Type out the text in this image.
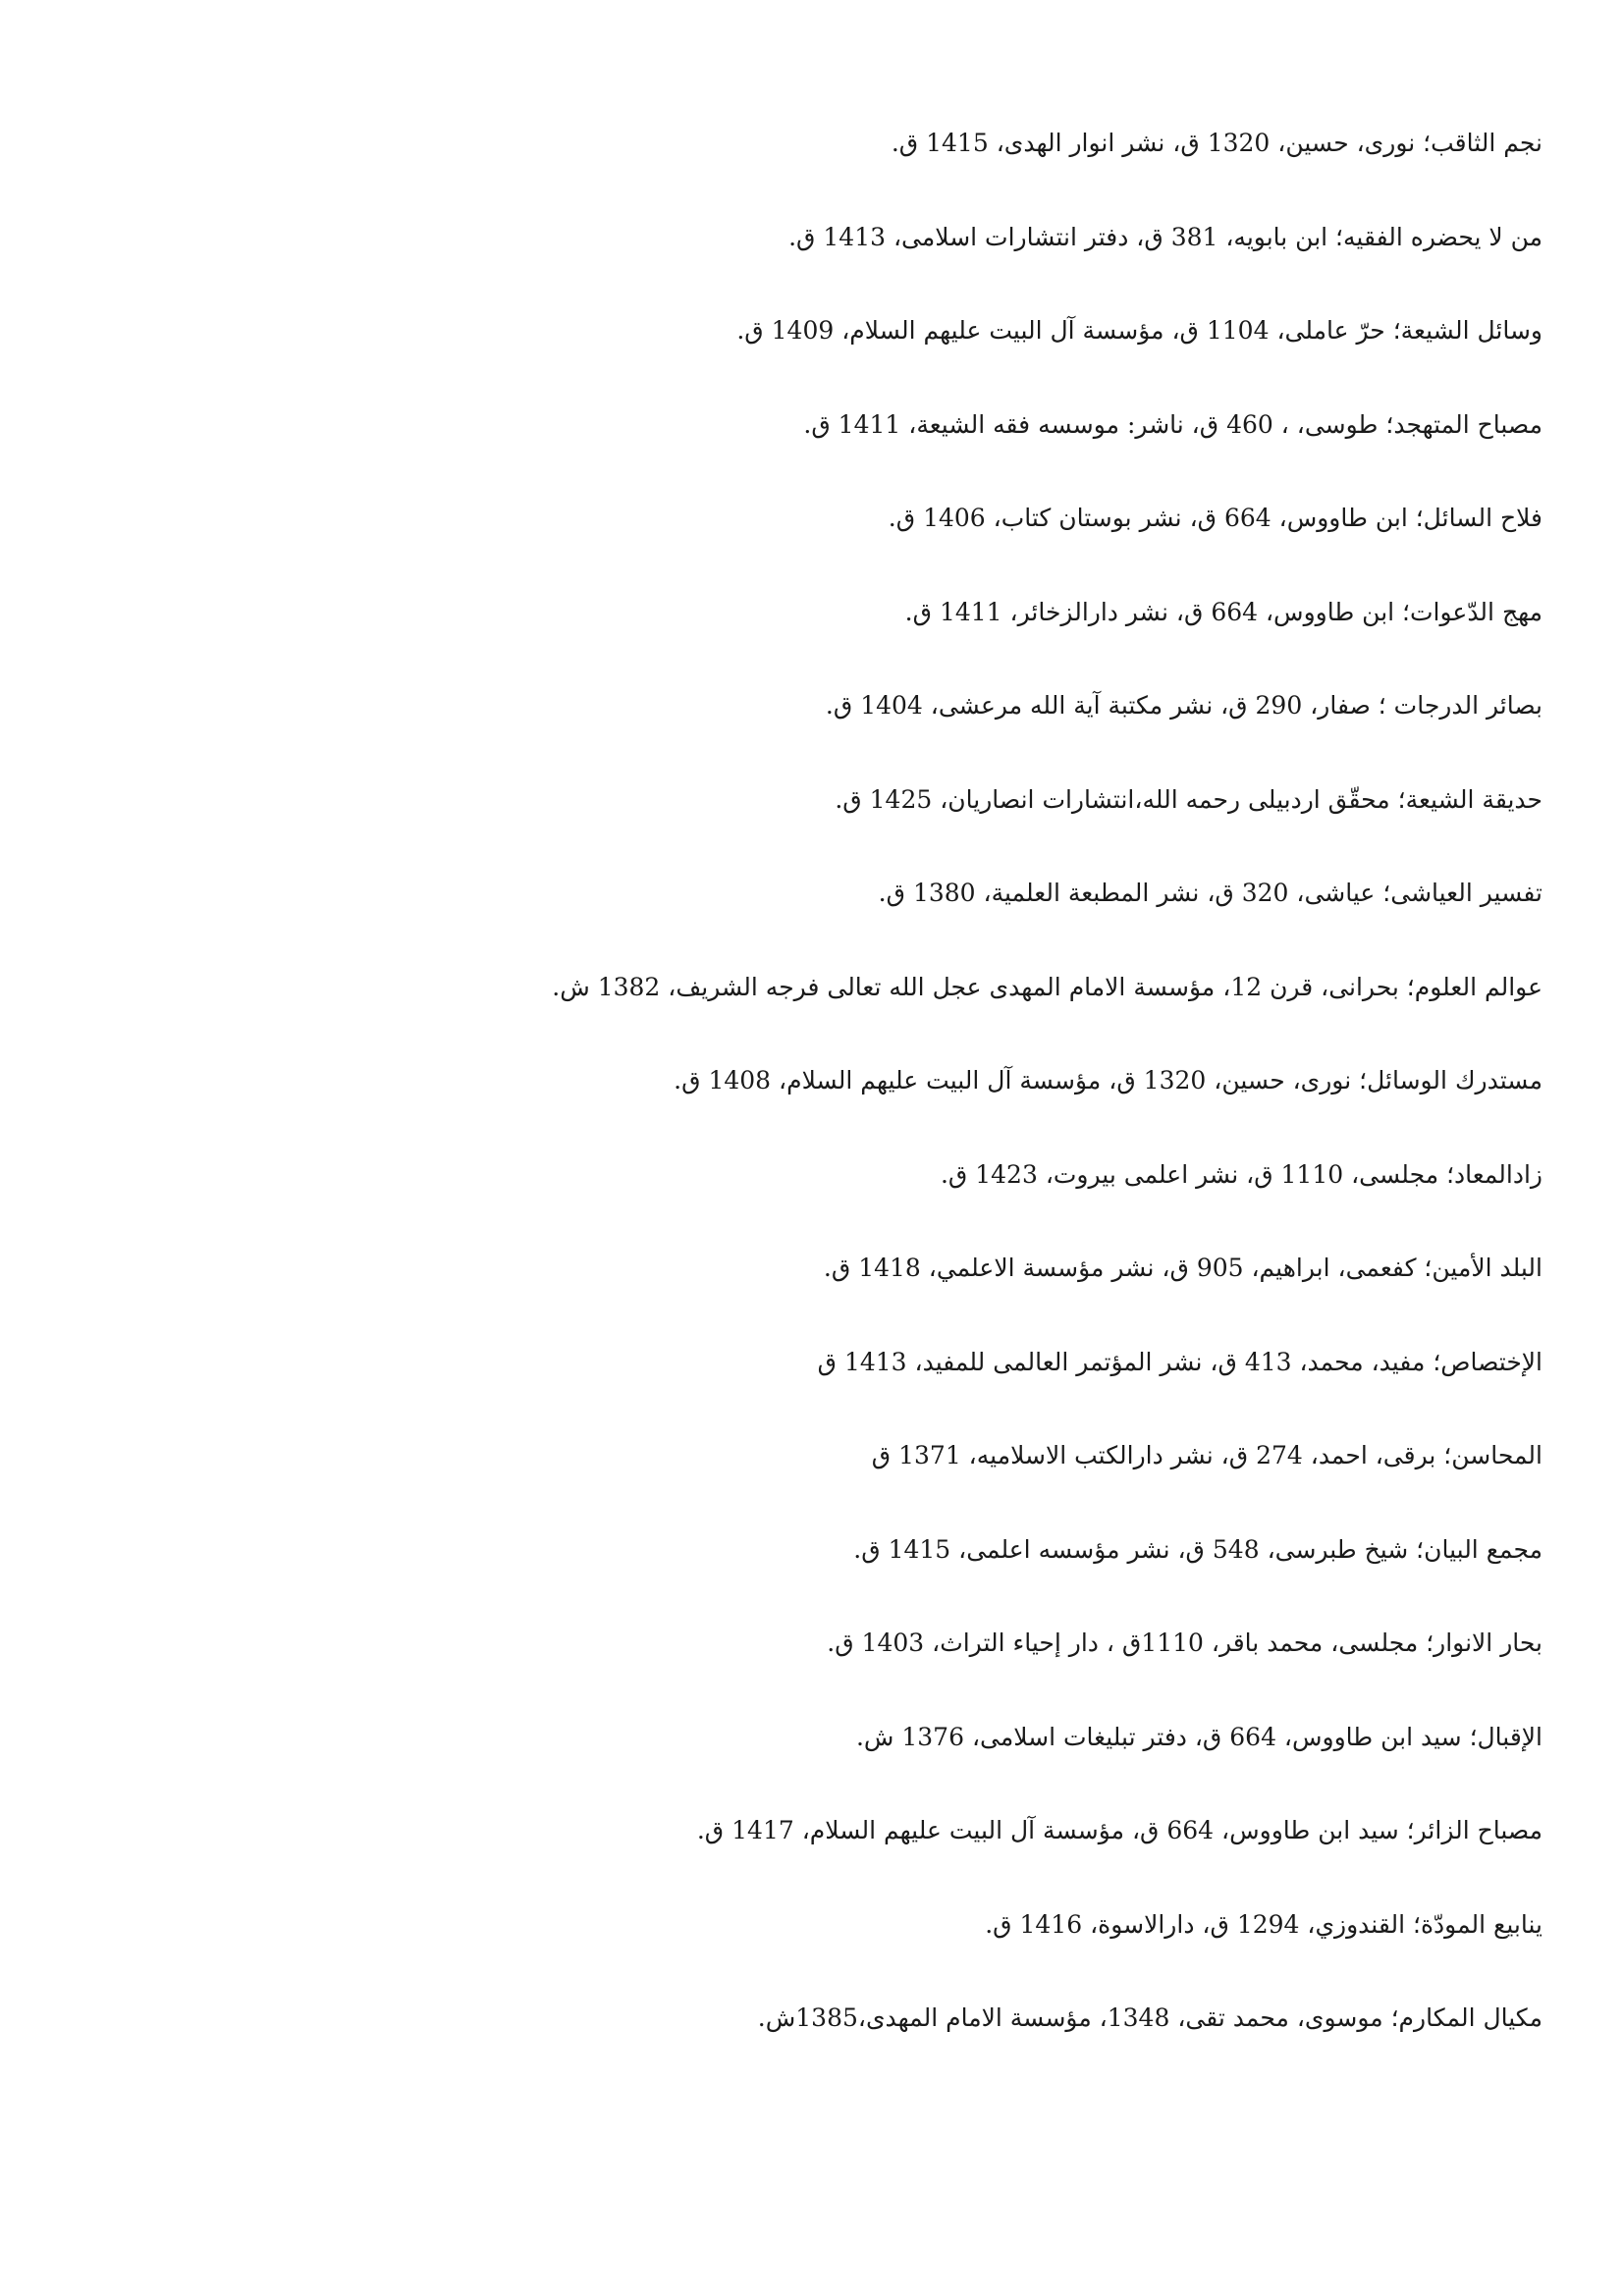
نجم الثاقب؛ نوری، حسین، 1320 ق، نشر انوار الهدی، 1415 ق.
من لا یحضره الفقیه؛ ابن بابویه، 381 ق، دفتر انتشارات اسلامی، 1413 ق.
وسائل الشیعة؛ حرّ عاملی، 1104 ق، مؤسسة آل البیت علیهم السلام، 1409 ق.
مصباح المتهجد؛ طوسی، ، 460 ق، ناشر: موسسه فقه الشیعة، 1411 ق.
فلاح السائل؛ ابن طاووس، 664 ق، نشر بوستان کتاب، 1406 ق.
مهج الدّعوات؛ ابن طاووس، 664 ق، نشر دارالزخائر، 1411 ق.
بصائر الدرجات ؛ صفار، 290 ق، نشر مکتبة آیة الله مرعشی، 1404 ق.
حدیقة الشیعة؛ محقّق اردبیلی رحمه الله،انتشارات انصاریان، 1425 ق.
تفسیر العیاشی؛ عیاشی، 320 ق، نشر المطبعة العلمیة، 1380 ق.
عوالم العلوم؛ بحرانی، قرن 12، مؤسسة الامام المهدی عجل الله تعالی فرجه الشریف، 1382 ش.
مستدرك الوسائل؛ نوری، حسین، 1320 ق، مؤسسة آل البیت علیهم السلام، 1408 ق.
زادالمعاد؛ مجلسی، 1110 ق، نشر اعلمی بیروت، 1423 ق.
البلد الأمین؛ کفعمی، ابراهیم، 905 ق، نشر مؤسسة الاعلمي، 1418 ق.
الإختصاص؛ مفید، محمد، 413 ق، نشر المؤتمر العالمی للمفید، 1413 ق
المحاسن؛ برقی، احمد، 274 ق، نشر دارالکتب الاسلامیه، 1371 ق
مجمع البیان؛ شیخ طبرسی، 548 ق، نشر مؤسسه اعلمی، 1415 ق.
بحار الانوار؛ مجلسی، محمد باقر، 1110ق ، دار إحیاء التراث، 1403 ق.
الإقبال؛ سید ابن طاووس، 664 ق، دفتر تبلیغات اسلامی، 1376 ش.
مصباح الزائر؛ سید ابن طاووس، 664 ق، مؤسسة آل البیت علیهم السلام، 1417 ق.
ینابیع المودّة؛ القندوزي، 1294 ق، دارالاسوة، 1416 ق.
مکیال المکارم؛ موسوی، محمد تقی، 1348، مؤسسة الامام المهدی،1385ش.
